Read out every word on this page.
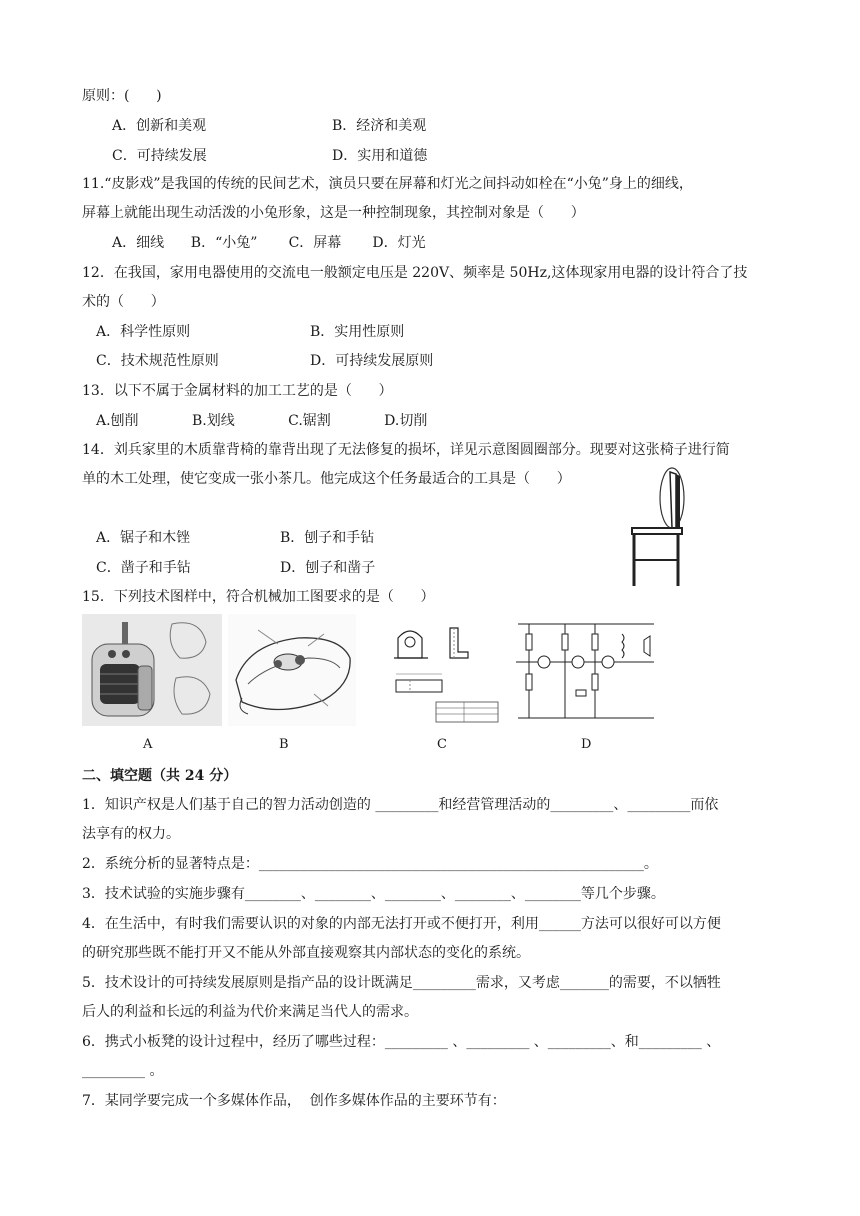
原则：(      )
A．创新和美观	B．经济和美观
C．可持续发展	D．实用和道德
11.“皮影戏”是我国的传统的民间艺术，演员只要在屏幕和灯光之间抖动如栓在“小兔”身上的细线，
屏幕上就能出现生动活泼的小兔形象，这是一种控制现象，其控制对象是（      ）
A．细线      B．“小兔”       C．屏幕       D．灯光
12．在我国，家用电器使用的交流电一般额定电压是 220V、频率是 50Hz,这体现家用电器的设计符合了技
术的（      ）
A．科学性原则	B．实用性原则
C．技术规范性原则	D．可持续发展原则
13．以下不属于金属材料的加工工艺的是（      ）
A.刨削            B.划线            C.锯割            D.切削
14．刘兵家里的木质靠背椅的靠背出现了无法修复的损坏，详见示意图圆圈部分。现要对这张椅子进行简
单的木工处理，使它变成一张小茶几。他完成这个任务最适合的工具是（      ）
A．锯子和木锉	B．刨子和手钻
C．凿子和手钻	D．刨子和凿子
15．下列技术图样中，符合机械加工图要求的是（      ）
A	B	C	D
二、填空题（共 24 分）
1．知识产权是人们基于自己的智力活动创造的 _________和经营管理活动的_________、_________而依
法享有的权力。
2．系统分析的显著特点是：_______________________________________________________。
3．技术试验的实施步骤有________、________、________、________、________等几个步骤。
4．在生活中，有时我们需要认识的对象的内部无法打开或不便打开，利用______方法可以很好可以方便
的研究那些既不能打开又不能从外部直接观察其内部状态的变化的系统。
5．技术设计的可持续发展原则是指产品的设计既满足_________需求，又考虑_______的需要，不以牺牲
后人的利益和长远的利益为代价来满足当代人的需求。
6．携式小板凳的设计过程中，经历了哪些过程：_________ 、_________ 、_________、和_________ 、
_________ 。
7．某同学要完成一个多媒体作品，  创作多媒体作品的主要环节有：
